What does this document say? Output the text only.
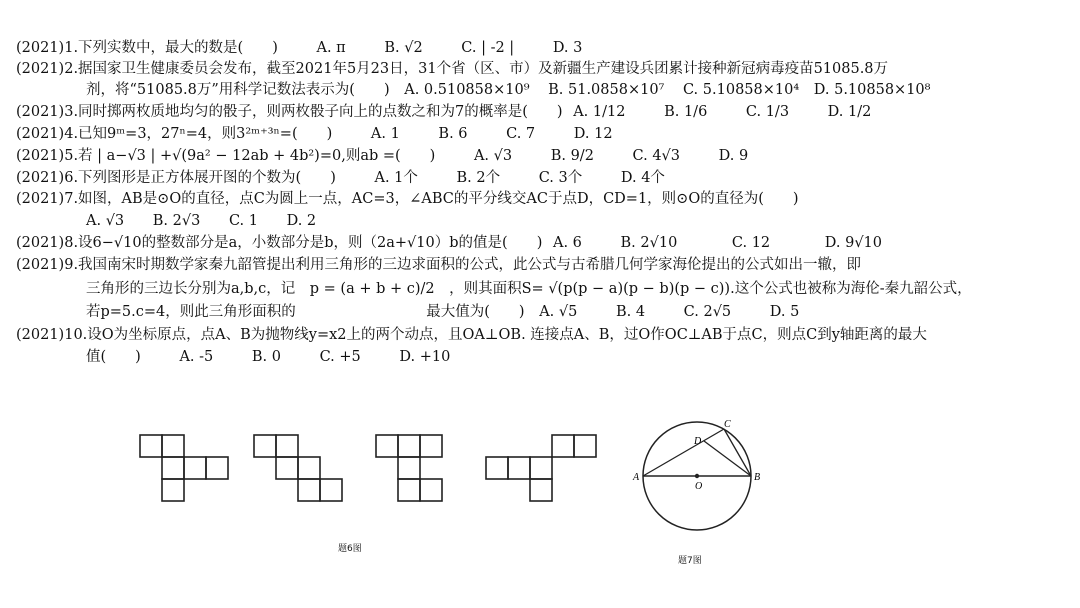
(2021)1.下列实数中，最大的数是(　　)	A. π	B. √2	C. | -2 |	D. 3
(2021)2.据国家卫生健康委员会发布，截至2021年5月23日，31个省（区、市）及新疆生产建设兵团累计接种新冠病毒疫苗51085.8万
剂，将“51085.8万”用科学记数法表示为(　　) A. 0.510858×10⁹ B. 51.0858×10⁷ C. 5.10858×10⁴ D. 5.10858×10⁸
(2021)3.同时掷两枚质地均匀的骰子，则两枚骰子向上的点数之和为7的概率是(　　) A. 1/12	B. 1/6	C. 1/3	D. 1/2
(2021)4.已知9ᵐ=3，27ⁿ=4，则3²ᵐ⁺³ⁿ=(　　)	A. 1	B. 6	C. 7	D. 12
(2021)5.若 | a−√3 | +√(9a² − 12ab + 4b²)=0,则ab =(　　)	A. √3	B. 9/2	C. 4√3	D. 9
(2021)6.下列图形是正方体展开图的个数为(　　)	A. 1个	B. 2个	C. 3个	D. 4个
(2021)7.如图，AB是⊙O的直径，点C为圆上一点，AC=3，∠ABC的平分线交AC于点D，CD=1，则⊙O的直径为(　　)
A. √3 B. 2√3 C. 1 D. 2
(2021)8.设6−√10的整数部分是a，小数部分是b，则（2a+√10）b的值是(　　) A. 6	B. 2√10	C. 12	D. 9√10
(2021)9.我国南宋时期数学家秦九韶管提出利用三角形的三边求面积的公式，此公式与古希腊几何学家海伦提出的公式如出一辙，即
三角形的三边长分别为a,b,c，记　p = (a + b + c)/2　，则其面积S= √(p(p − a)(p − b)(p − c)).这个公式也被称为海伦-秦九韶公式，
若p=5.c=4，则此三角形面积的　　　　　　　　　最大值为(　　) A. √5	B. 4	C. 2√5	D. 5
(2021)10.设O为坐标原点，点A、B为抛物线y=x2上的两个动点，且OA⊥OB. 连接点A、B，过O作OC⊥AB于点C，则点C到y轴距离的最大
值(　　)	A. -5	B. 0	C. +5	D. +10
题6图
A	B
C
D
O
题7图
